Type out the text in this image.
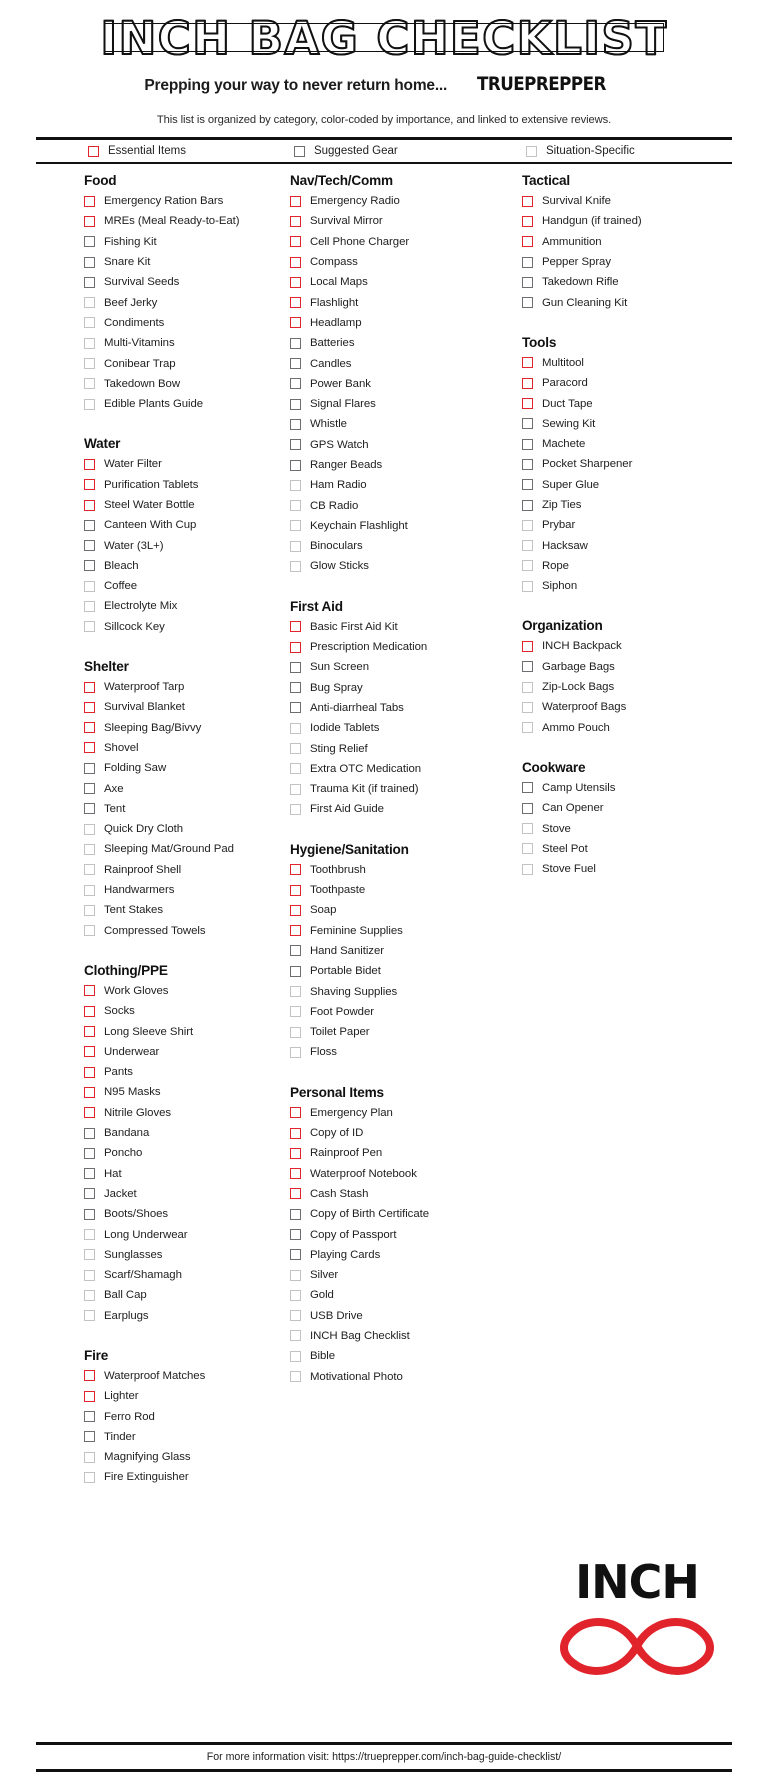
INCH BAG CHECKLIST
Prepping your way to never return home... TRUEPREPPER
This list is organized by category, color-coded by importance, and linked to extensive reviews.
Essential Items	Suggested Gear	Situation-Specific
Food
Emergency Ration Bars
MREs (Meal Ready-to-Eat)
Fishing Kit
Snare Kit
Survival Seeds
Beef Jerky
Condiments
Multi-Vitamins
Conibear Trap
Takedown Bow
Edible Plants Guide
Water
Water Filter
Purification Tablets
Steel Water Bottle
Canteen With Cup
Water (3L+)
Bleach
Coffee
Electrolyte Mix
Sillcock Key
Shelter
Waterproof Tarp
Survival Blanket
Sleeping Bag/Bivvy
Shovel
Folding Saw
Axe
Tent
Quick Dry Cloth
Sleeping Mat/Ground Pad
Rainproof Shell
Handwarmers
Tent Stakes
Compressed Towels
Clothing/PPE
Work Gloves
Socks
Long Sleeve Shirt
Underwear
Pants
N95 Masks
Nitrile Gloves
Bandana
Poncho
Hat
Jacket
Boots/Shoes
Long Underwear
Sunglasses
Scarf/Shamagh
Ball Cap
Earplugs
Fire
Waterproof Matches
Lighter
Ferro Rod
Tinder
Magnifying Glass
Fire Extinguisher
Nav/Tech/Comm
Emergency Radio
Survival Mirror
Cell Phone Charger
Compass
Local Maps
Flashlight
Headlamp
Batteries
Candles
Power Bank
Signal Flares
Whistle
GPS Watch
Ranger Beads
Ham Radio
CB Radio
Keychain Flashlight
Binoculars
Glow Sticks
First Aid
Basic First Aid Kit
Prescription Medication
Sun Screen
Bug Spray
Anti-diarrheal Tabs
Iodide Tablets
Sting Relief
Extra OTC Medication
Trauma Kit (if trained)
First Aid Guide
Hygiene/Sanitation
Toothbrush
Toothpaste
Soap
Feminine Supplies
Hand Sanitizer
Portable Bidet
Shaving Supplies
Foot Powder
Toilet Paper
Floss
Personal Items
Emergency Plan
Copy of ID
Rainproof Pen
Waterproof Notebook
Cash Stash
Copy of Birth Certificate
Copy of Passport
Playing Cards
Silver
Gold
USB Drive
INCH Bag Checklist
Bible
Motivational Photo
Tactical
Survival Knife
Handgun (if trained)
Ammunition
Pepper Spray
Takedown Rifle
Gun Cleaning Kit
Tools
Multitool
Paracord
Duct Tape
Sewing Kit
Machete
Pocket Sharpener
Super Glue
Zip Ties
Prybar
Hacksaw
Rope
Siphon
Organization
INCH Backpack
Garbage Bags
Zip-Lock Bags
Waterproof Bags
Ammo Pouch
Cookware
Camp Utensils
Can Opener
Stove
Steel Pot
Stove Fuel
INCH
For more information visit: https://trueprepper.com/inch-bag-guide-checklist/
